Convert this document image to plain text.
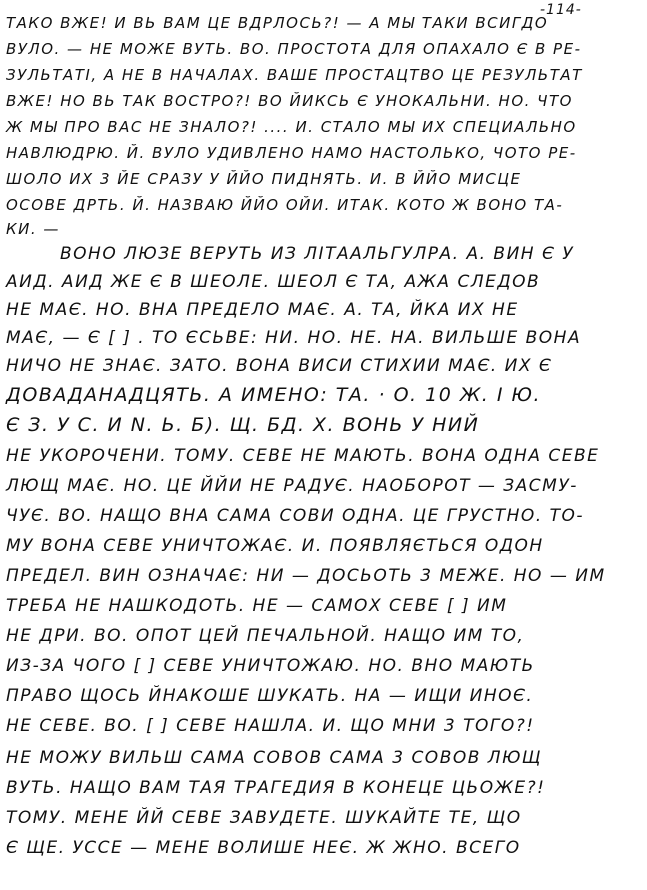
-114-
ТАКО ВЖЕ! И ВЬ ВАМ ЦЕ ВДРЛОСЬ?! — А МЫ ТАКИ ВСИГДО
ВУЛО. — НЕ МОЖЕ ВУТЬ. ВО. ПРОСТОТА ДЛЯ ОПАХАЛО Є В РЕ-
ЗУЛЬТАТІ, А НЕ В НАЧАЛАХ. ВАШЕ ПРОСТАЦТВО ЦЕ РЕЗУЛЬТАТ
ВЖЕ! НО ВЬ ТАК ВОСТРО?! ВО ЙИКСЬ Є УНОКАЛЬНИ. НО. ЧТО
Ж МЫ ПРО ВАС НЕ ЗНАЛО?! .... И. СТАЛО МЫ ИХ СПЕЦИАЛЬНО
НАВЛЮДРЮ. Й. ВУЛО УДИВЛЕНО НАМО НАСТОЛЬКО, ЧОТО РЕ-
ШОЛО ИХ 3 ЙЕ СРАЗУ У ЙЙО ПИДНЯТЬ. И. В ЙЙО МИСЦЕ
ОСОВЕ ДРТЬ. Й. НАЗВАЮ ЙЙО ОЙИ. ИТАК. КОТО Ж ВОНО ТА-
КИ. —
ВОНО ЛЮЗЕ ВЕРУТЬ ИЗ ЛІТААЛЬГУЛРА. А. ВИН Є У
АИД. АИД ЖЕ Є В ШЕОЛЕ. ШЕОЛ Є ТА, АЖА СЛЕДОВ
НЕ МАЄ. НО. ВНА ПРЕДЕЛО МАЄ. А. ТА, ЙКА ИХ НЕ
МАЄ, — Є [ ] . ТО ЄСЬВЕ: НИ. НО. НЕ. НА. ВИЛЬШЕ ВОНА
НИЧО НЕ ЗНАЄ. ЗАТО. ВОНА ВИСИ СТИХИИ МАЄ. ИХ Є
ДОВАДАНАДЦЯТЬ. А ИМЕНО: ТА. · О. 10 Ж. І Ю.
Є З. У С. И N. Ь. Б). Щ. БД. Х. ВОНЬ У НИЙ
НЕ УКОРОЧЕНИ. ТОМУ. СЕВЕ НЕ МАЮТЬ. ВОНА ОДНА СЕВЕ
ЛЮЩ МАЄ. НО. ЦЕ ЙЙИ НЕ РАДУЄ. НАОБОРОТ — ЗАСМУ-
ЧУЄ. ВО. НАЩО ВНА САМА СОВИ ОДНА. ЦЕ ГРУСТНО. ТО-
МУ ВОНА СЕВЕ УНИЧТОЖАЄ. И. ПОЯВЛЯЄТЬСЯ ОДОН
ПРЕДЕЛ. ВИН ОЗНАЧАЄ: НИ — ДОСЬОТЬ 3 МЕЖЕ. НО — ИМ
ТРЕБА НЕ НАШКОДОТЬ. НЕ — САМОХ СЕВЕ [ ] ИМ
НЕ ДРИ. ВО. ОПОТ ЦЕЙ ПЕЧАЛЬНОЙ. НАЩО ИМ ТО,
ИЗ-ЗА ЧОГО [ ] СЕВЕ УНИЧТОЖАЮ. НО. ВНО МАЮТЬ
ПРАВО ЩОСЬ ЙНАКОШЕ ШУКАТЬ. НА — ИЩИ ИНОЄ.
НЕ СЕВЕ. ВО. [ ] СЕВЕ НАШЛА. И. ЩО МНИ 3 ТОГО?!
НЕ МОЖУ ВИЛЬШ САМА СОВОВ САМА 3 СОВОВ ЛЮЩ
ВУТЬ. НАЩО ВАМ ТАЯ ТРАГЕДИЯ В КОНЕЦЕ ЦЬОЖЕ?!
ТОМУ. МЕНЕ ЙЙ СЕВЕ ЗАВУДЕТЕ. ШУКАЙТЕ ТЕ, ЩО
Є ЩЕ. УССЕ — МЕНЕ ВОЛИШЕ НЕЄ. Ж ЖНО. ВСЕГО
